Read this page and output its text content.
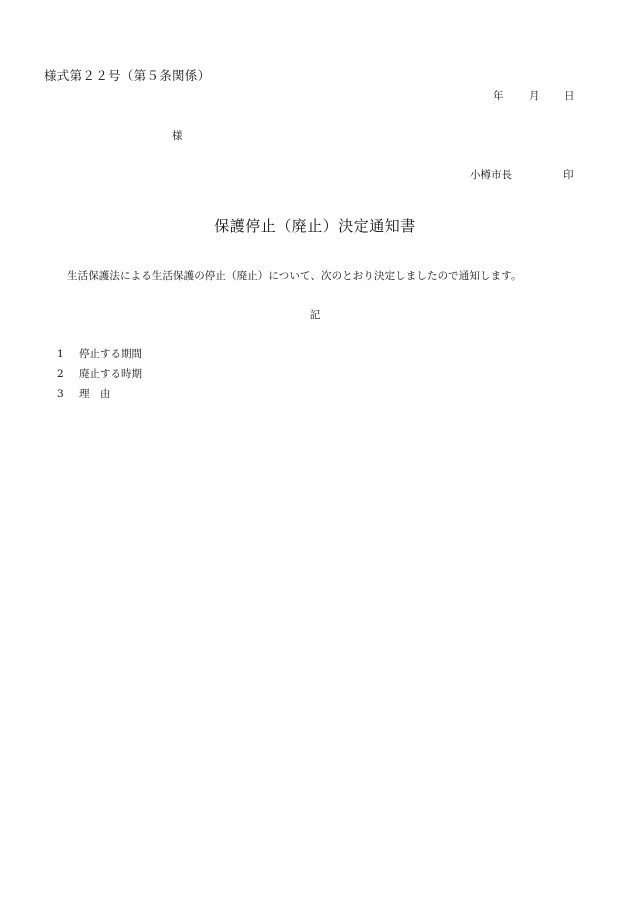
様式第２２号（第５条関係）
年 月 日
様
小樽市長	印
保護停止（廃止）決定通知書
生活保護法による生活保護の停止（廃止）について、次のとおり決定しましたので通知します。
記
1	停止する期間
2	廃止する時期
3	理　由
